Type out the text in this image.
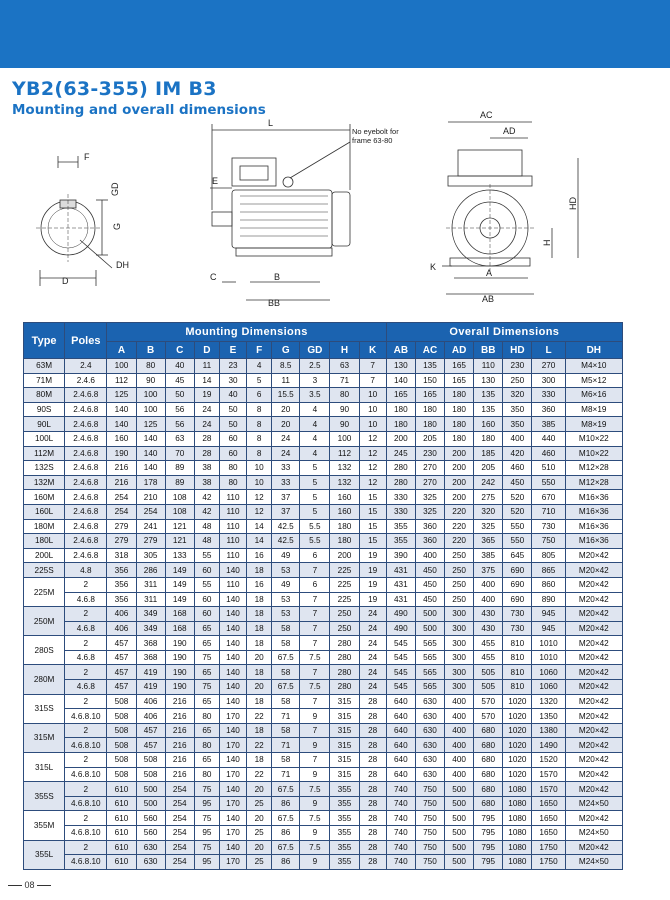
YB2(63-355) IM B3
Mounting and overall dimensions
F
GD
G
D
DH
L
E
C	B
BB
No eyebolt for
frame 63-80
AC
AD
HD
H
K
A
AB
Type	Poles	Mounting Dimensions										Overall Dimensions						
		A	B	C	D	E	F	G	GD	H	K	AB	AC	AD	BB	HD	L	DH
63M	2.4	100	80	40	11	23	4	8.5	2.5	63	7	130	135	165	110	230	270	M4×10
71M	2.4.6	112	90	45	14	30	5	11	3	71	7	140	150	165	130	250	300	M5×12
80M	2.4.6.8	125	100	50	19	40	6	15.5	3.5	80	10	165	165	180	135	320	330	M6×16
90S	2.4.6.8	140	100	56	24	50	8	20	4	90	10	180	180	180	135	350	360	M8×19
90L	2.4.6.8	140	125	56	24	50	8	20	4	90	10	180	180	180	160	350	385	M8×19
100L	2.4.6.8	160	140	63	28	60	8	24	4	100	12	200	205	180	180	400	440	M10×22
112M	2.4.6.8	190	140	70	28	60	8	24	4	112	12	245	230	200	185	420	460	M10×22
132S	2.4.6.8	216	140	89	38	80	10	33	5	132	12	280	270	200	205	460	510	M12×28
132M	2.4.6.8	216	178	89	38	80	10	33	5	132	12	280	270	200	242	450	550	M12×28
160M	2.4.6.8	254	210	108	42	110	12	37	5	160	15	330	325	200	275	520	670	M16×36
160L	2.4.6.8	254	254	108	42	110	12	37	5	160	15	330	325	220	320	520	710	M16×36
180M	2.4.6.8	279	241	121	48	110	14	42.5	5.5	180	15	355	360	220	325	550	730	M16×36
180L	2.4.6.8	279	279	121	48	110	14	42.5	5.5	180	15	355	360	220	365	550	750	M16×36
200L	2.4.6.8	318	305	133	55	110	16	49	6	200	19	390	400	250	385	645	805	M20×42
225S	4.8	356	286	149	60	140	18	53	7	225	19	431	450	250	375	690	865	M20×42
225M	2	356	311	149	55	110	16	49	6	225	19	431	450	250	400	690	860	M20×42
	4.6.8	356	311	149	60	140	18	53	7	225	19	431	450	250	400	690	890	M20×42
250M	2	406	349	168	60	140	18	53	7	250	24	490	500	300	430	730	945	M20×42
	4.6.8	406	349	168	65	140	18	58	7	250	24	490	500	300	430	730	945	M20×42
280S	2	457	368	190	65	140	18	58	7	280	24	545	565	300	455	810	1010	M20×42
	4.6.8	457	368	190	75	140	20	67.5	7.5	280	24	545	565	300	455	810	1010	M20×42
280M	2	457	419	190	65	140	18	58	7	280	24	545	565	300	505	810	1060	M20×42
	4.6.8	457	419	190	75	140	20	67.5	7.5	280	24	545	565	300	505	810	1060	M20×42
315S	2	508	406	216	65	140	18	58	7	315	28	640	630	400	570	1020	1320	M20×42
	4.6.8.10	508	406	216	80	170	22	71	9	315	28	640	630	400	570	1020	1350	M20×42
315M	2	508	457	216	65	140	18	58	7	315	28	640	630	400	680	1020	1380	M20×42
	4.6.8.10	508	457	216	80	170	22	71	9	315	28	640	630	400	680	1020	1490	M20×42
315L	2	508	508	216	65	140	18	58	7	315	28	640	630	400	680	1020	1520	M20×42
	4.6.8.10	508	508	216	80	170	22	71	9	315	28	640	630	400	680	1020	1570	M20×42
355S	2	610	500	254	75	140	20	67.5	7.5	355	28	740	750	500	680	1080	1570	M20×42
	4.6.8.10	610	500	254	95	170	25	86	9	355	28	740	750	500	680	1080	1650	M24×50
355M	2	610	560	254	75	140	20	67.5	7.5	355	28	740	750	500	795	1080	1650	M20×42
	4.6.8.10	610	560	254	95	170	25	86	9	355	28	740	750	500	795	1080	1650	M24×50
355L	2	610	630	254	75	140	20	67.5	7.5	355	28	740	750	500	795	1080	1750	M20×42
	4.6.8.10	610	630	254	95	170	25	86	9	355	28	740	750	500	795	1080	1750	M24×50
08
